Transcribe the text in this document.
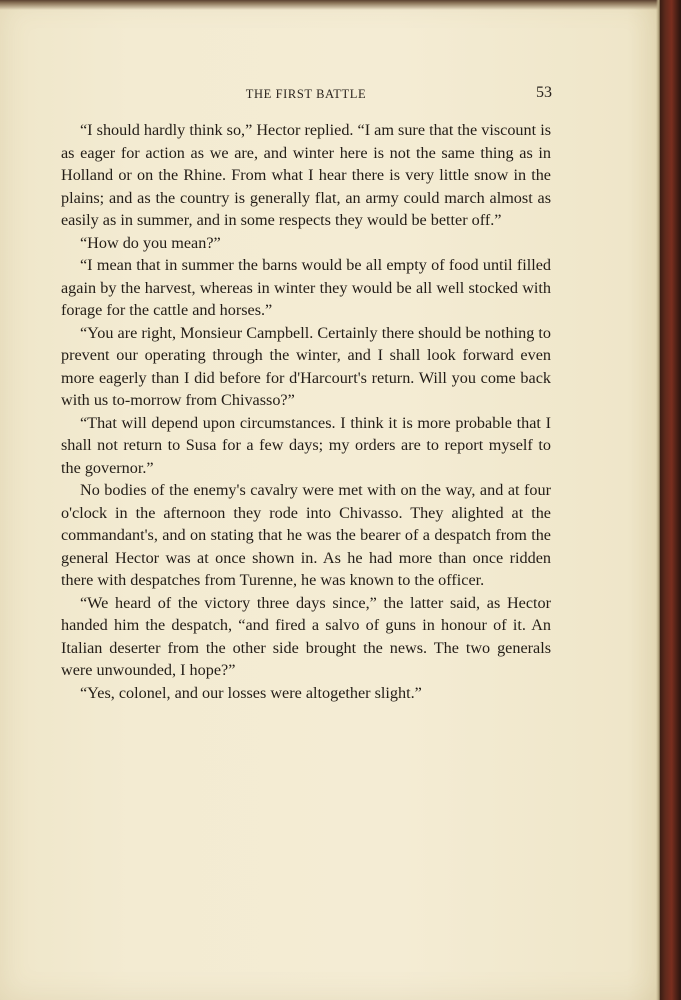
THE FIRST BATTLE	53

“I should hardly think so,” Hector replied. “I am sure that the viscount is as eager for action as we are, and winter here is not the same thing as in Holland or on the Rhine. From what I hear there is very little snow in the plains; and as the country is generally flat, an army could march almost as easily as in summer, and in some respects they would be better off.”

“How do you mean?”

“I mean that in summer the barns would be all empty of food until filled again by the harvest, whereas in winter they would be all well stocked with forage for the cattle and horses.”

“You are right, Monsieur Campbell. Certainly there should be nothing to prevent our operating through the winter, and I shall look forward even more eagerly than I did before for d'Harcourt's return. Will you come back with us to-morrow from Chivasso?”

“That will depend upon circumstances. I think it is more probable that I shall not return to Susa for a few days; my orders are to report myself to the governor.”

No bodies of the enemy's cavalry were met with on the way, and at four o'clock in the afternoon they rode into Chivasso. They alighted at the commandant's, and on stating that he was the bearer of a despatch from the general Hector was at once shown in. As he had more than once ridden there with despatches from Turenne, he was known to the officer.

“We heard of the victory three days since,” the latter said, as Hector handed him the despatch, “and fired a salvo of guns in honour of it. An Italian deserter from the other side brought the news. The two generals were unwounded, I hope?”

“Yes, colonel, and our losses were altogether slight.”
